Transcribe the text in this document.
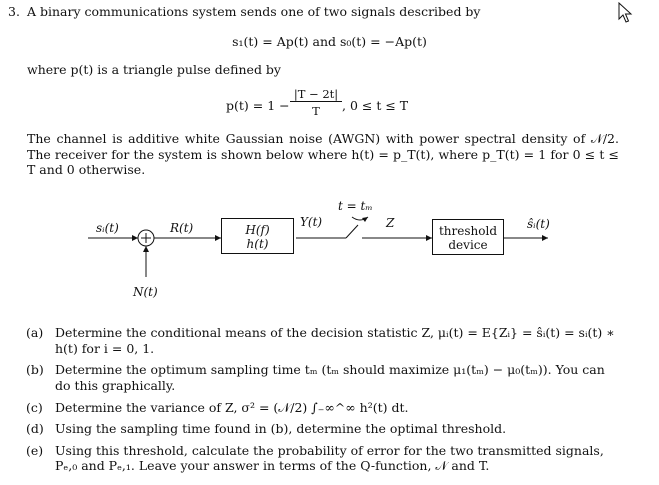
3. A binary communications system sends one of two signals described by
s₁(t) = Ap(t) and s₀(t) = −Ap(t)
where p(t) is a triangle pulse defined by
p(t) = 1 −
|T − 2t|
T	, 0 ≤ t ≤ T
The channel is additive white Gaussian noise (AWGN) with power spectral density of 𝒩/2. The receiver for the system is shown below where h(t) = p_T(t), where p_T(t) = 1 for 0 ≤ t ≤ T and 0 otherwise.
sᵢ(t)	R(t)	H(f)
h(t)
Y(t)
t = tₘ
Z
threshold
device
ŝᵢ(t)
N(t)
(a) Determine the conditional means of the decision statistic Z, μᵢ(t) = E{Zᵢ} = ŝᵢ(t) = sᵢ(t) ∗ h(t) for i = 0, 1.
(b) Determine the optimum sampling time tₘ (tₘ should maximize μ₁(tₘ) − μ₀(tₘ)). You can do this graphically.
(c) Determine the variance of Z, σ² = (𝒩/2) ∫₋∞^∞ h²(t) dt.
(d) Using the sampling time found in (b), determine the optimal threshold.
(e) Using this threshold, calculate the probability of error for the two transmitted signals, Pₑ,₀ and Pₑ,₁. Leave your answer in terms of the Q-function, 𝒩 and T.
